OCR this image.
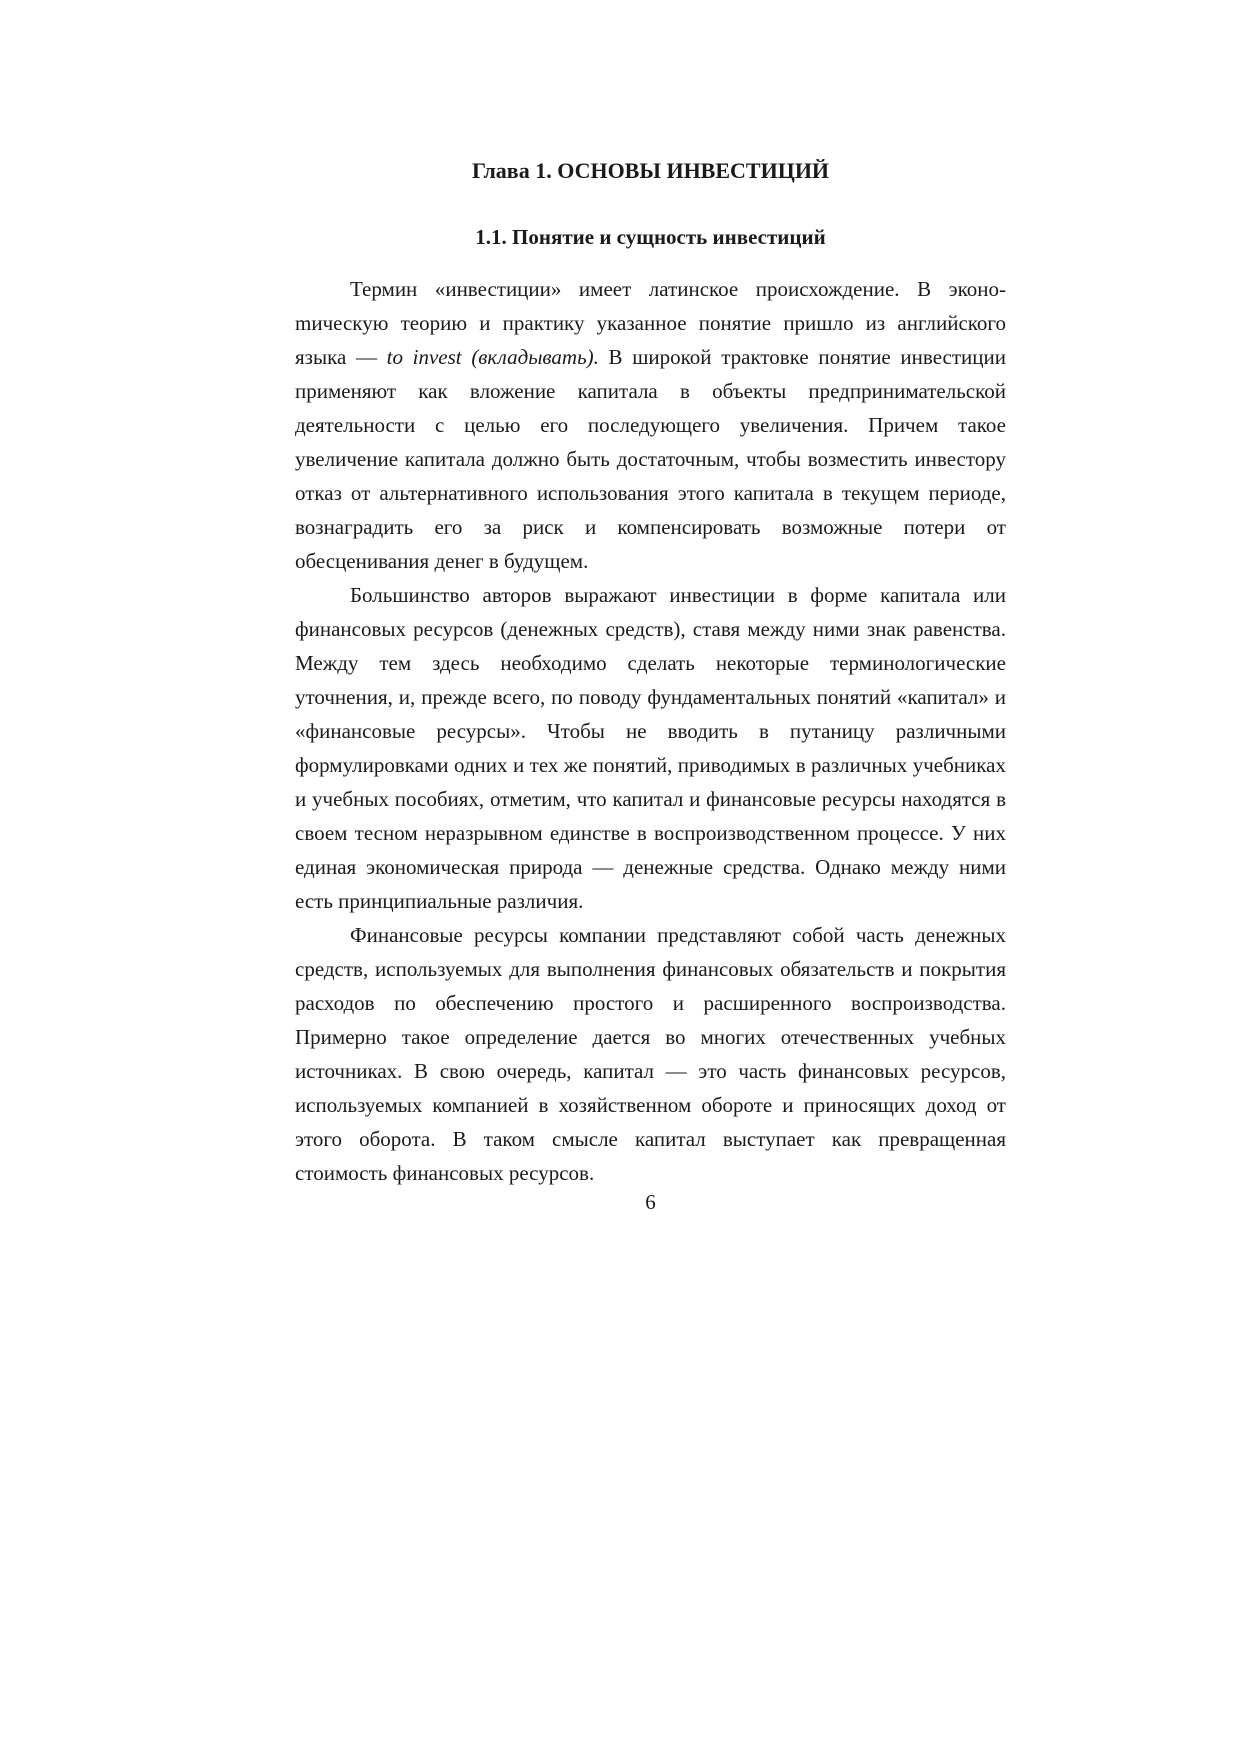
Глава 1. ОСНОВЫ ИНВЕСТИЦИЙ
1.1. Понятие и сущность инвестиций

Термин «инвестиции» имеет латинское происхождение. В эконоmическую теорию и практику указанное понятие пришло из английского языка — to invest (вкладывать). В широкой трактовке понятие инвестиции применяют как вложение капитала в объекты предпринимательской деятельности с целью его последующего увеличения. Причем такое увеличение капитала должно быть достаточным, чтобы возместить инвестору отказ от альтернативного использования этого капитала в текущем периоде, вознаградить его за риск и компенсировать возможные потери от обесценивания денег в будущем.

Большинство авторов выражают инвестиции в форме капитала или финансовых ресурсов (денежных средств), ставя между ними знак равенства. Между тем здесь необходимо сделать некоторые терминологические уточнения, и, прежде всего, по поводу фундаментальных понятий «капитал» и «финансовые ресурсы». Чтобы не вводить в путаницу различными формулировками одних и тех же понятий, приводимых в различных учебниках и учебных пособиях, отметим, что капитал и финансовые ресурсы находятся в своем тесном неразрывном единстве в воспроизводственном процессе. У них единая экономическая природа — денежные средства. Однако между ними есть принципиальные различия.

Финансовые ресурсы компании представляют собой часть денежных средств, используемых для выполнения финансовых обязательств и покрытия расходов по обеспечению простого и расширенного воспроизводства. Примерно такое определение дается во многих отечественных учебных источниках. В свою очередь, капитал — это часть финансовых ресурсов, используемых компанией в хозяйственном обороте и приносящих доход от этого оборота. В таком смысле капитал выступает как превращенная стоимость финансовых ресурсов.

6
